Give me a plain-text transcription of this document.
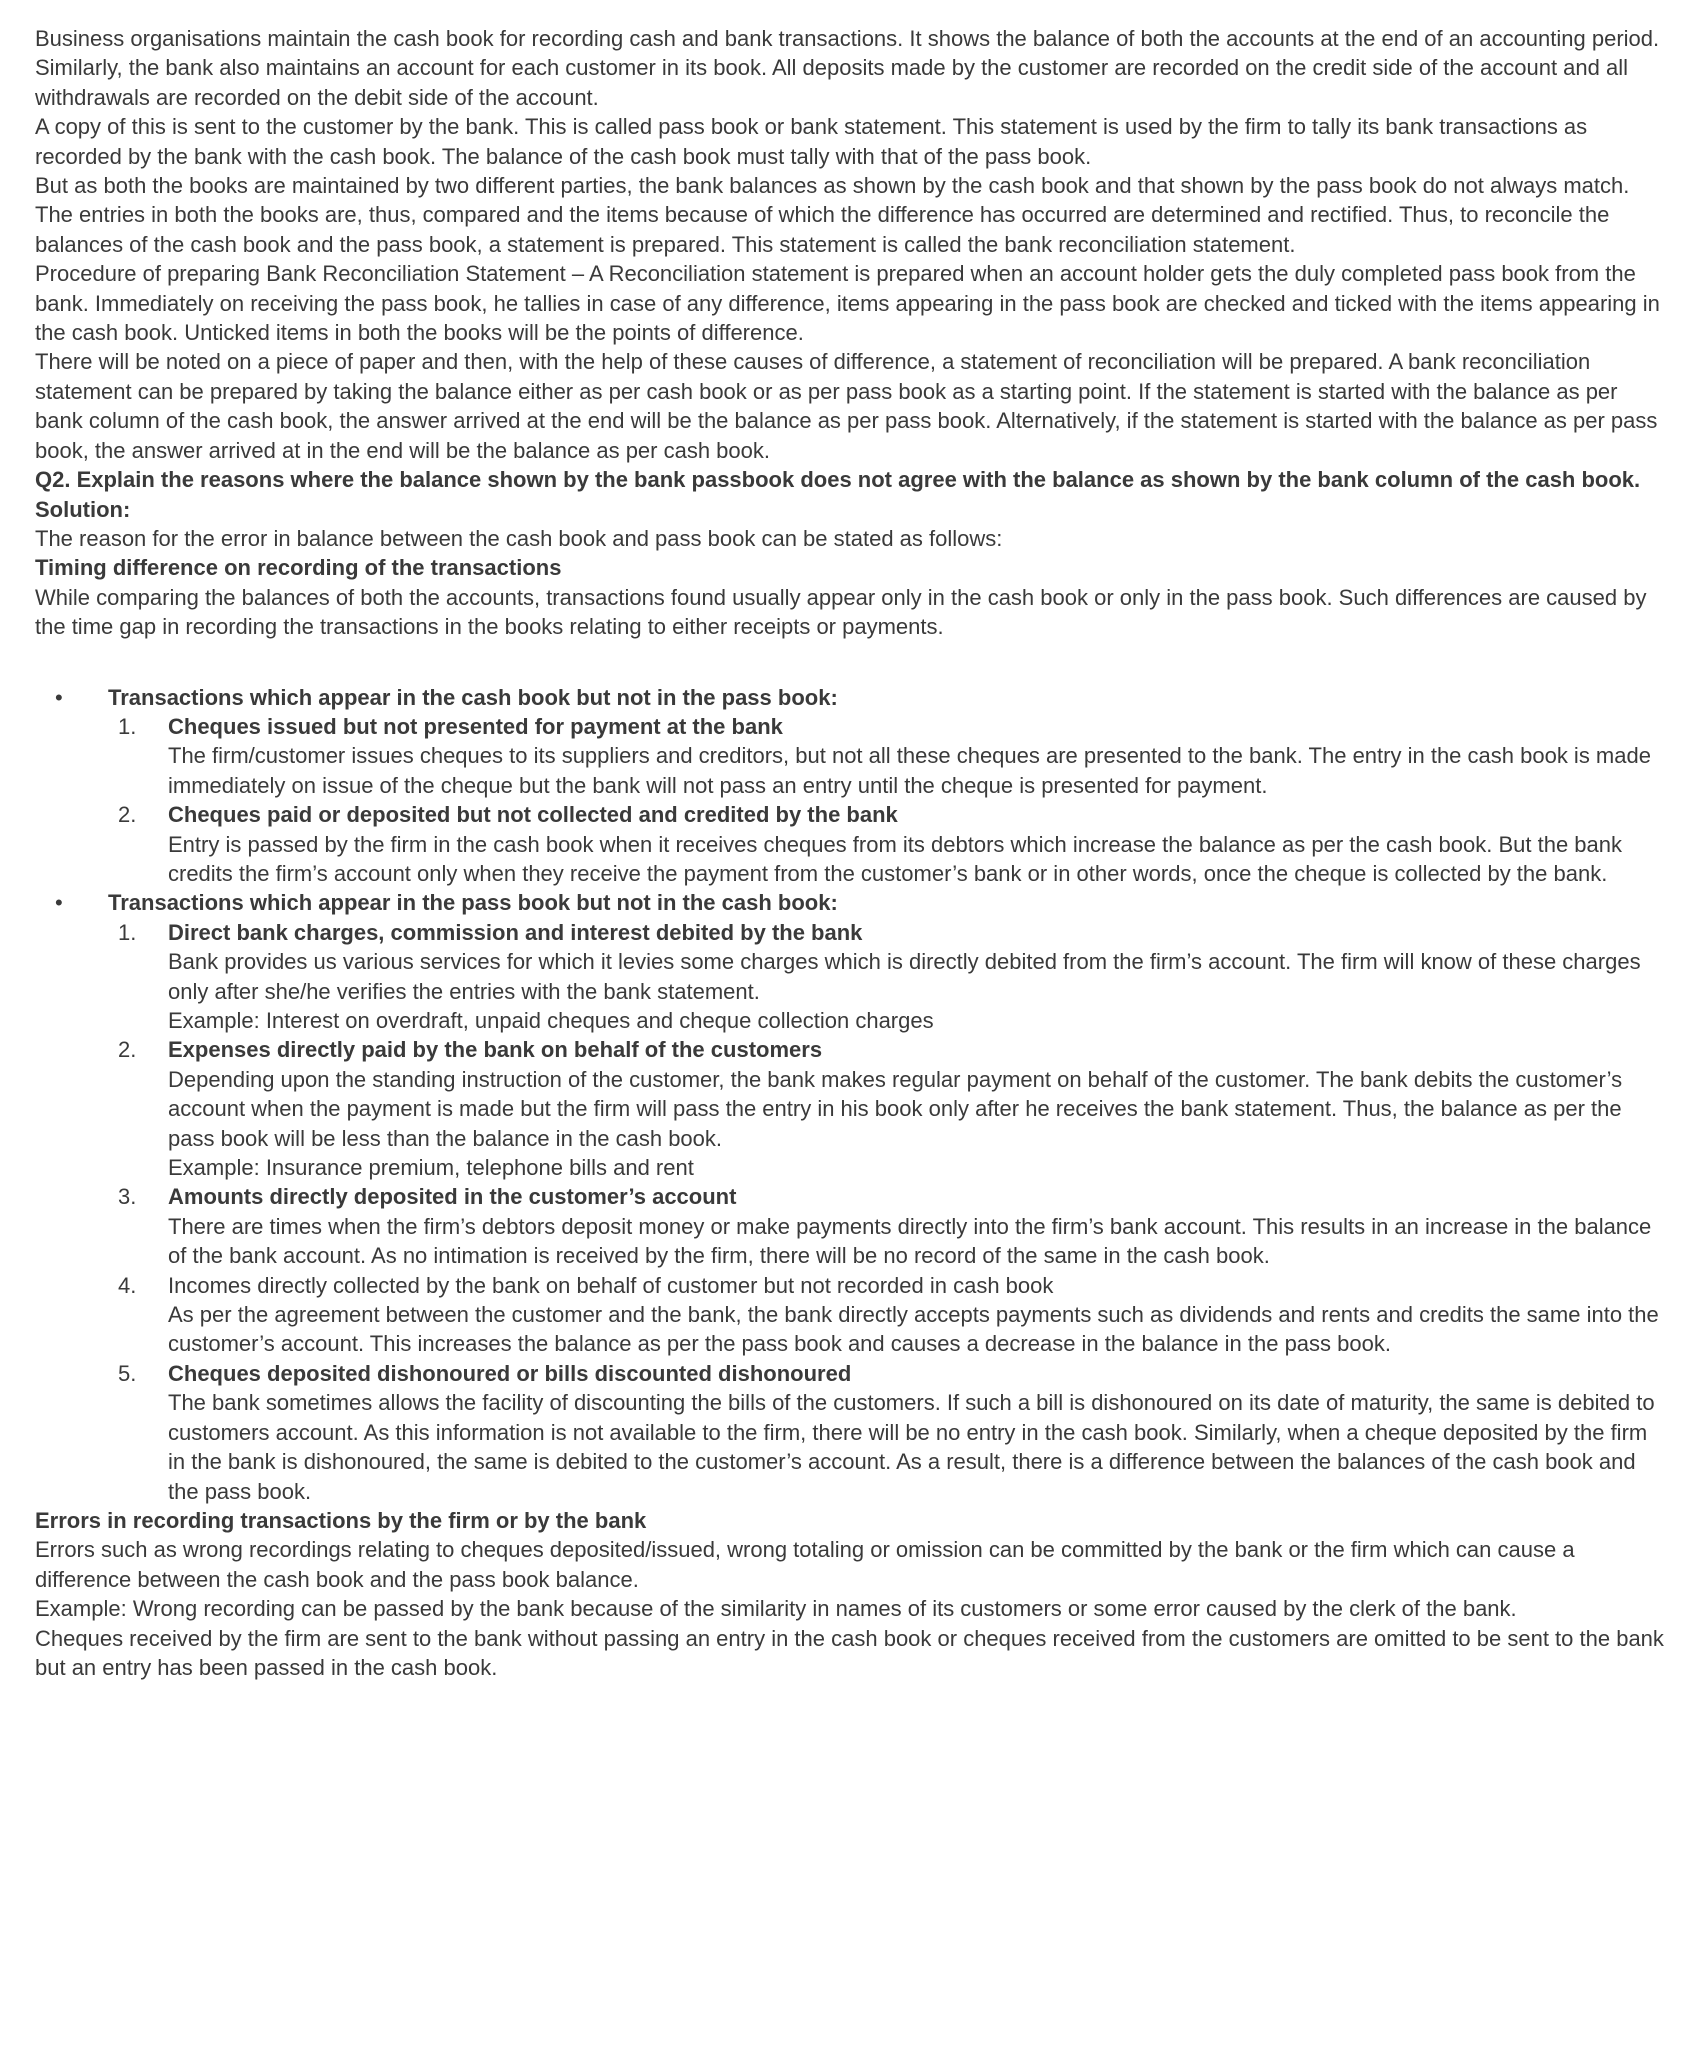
Business organisations maintain the cash book for recording cash and bank transactions. It shows the balance of both the accounts at the end of an accounting period.

Similarly, the bank also maintains an account for each customer in its book. All deposits made by the customer are recorded on the credit side of the account and all withdrawals are recorded on the debit side of the account.

A copy of this is sent to the customer by the bank. This is called pass book or bank statement. This statement is used by the firm to tally its bank transactions as recorded by the bank with the cash book. The balance of the cash book must tally with that of the pass book.

But as both the books are maintained by two different parties, the bank balances as shown by the cash book and that shown by the pass book do not always match. The entries in both the books are, thus, compared and the items because of which the difference has occurred are determined and rectified. Thus, to reconcile the balances of the cash book and the pass book, a statement is prepared. This statement is called the bank reconciliation statement.

Procedure of preparing Bank Reconciliation Statement – A Reconciliation statement is prepared when an account holder gets the duly completed pass book from the bank. Immediately on receiving the pass book, he tallies in case of any difference, items appearing in the pass book are checked and ticked with the items appearing in the cash book. Unticked items in both the books will be the points of difference.

There will be noted on a piece of paper and then, with the help of these causes of difference, a statement of reconciliation will be prepared. A bank reconciliation statement can be prepared by taking the balance either as per cash book or as per pass book as a starting point. If the statement is started with the balance as per bank column of the cash book, the answer arrived at the end will be the balance as per pass book. Alternatively, if the statement is started with the balance as per pass book, the answer arrived at in the end will be the balance as per cash book.

Q2. Explain the reasons where the balance shown by the bank passbook does not agree with the balance as shown by the bank column of the cash book.

Solution:

The reason for the error in balance between the cash book and pass book can be stated as follows:

Timing difference on recording of the transactions

While comparing the balances of both the accounts, transactions found usually appear only in the cash book or only in the pass book. Such differences are caused by the time gap in recording the transactions in the books relating to either receipts or payments.

•	Transactions which appear in the cash book but not in the pass book:
1.	Cheques issued but not presented for payment at the bank

The firm/customer issues cheques to its suppliers and creditors, but not all these cheques are presented to the bank. The entry in the cash book is made immediately on issue of the cheque but the bank will not pass an entry until the cheque is presented for payment.

2.	Cheques paid or deposited but not collected and credited by the bank

Entry is passed by the firm in the cash book when it receives cheques from its debtors which increase the balance as per the cash book. But the bank credits the firm’s account only when they receive the payment from the customer’s bank or in other words, once the cheque is collected by the bank.

•	Transactions which appear in the pass book but not in the cash book:
1.	Direct bank charges, commission and interest debited by the bank

Bank provides us various services for which it levies some charges which is directly debited from the firm’s account. The firm will know of these charges only after she/he verifies the entries with the bank statement.

Example: Interest on overdraft, unpaid cheques and cheque collection charges

2.	Expenses directly paid by the bank on behalf of the customers

Depending upon the standing instruction of the customer, the bank makes regular payment on behalf of the customer. The bank debits the customer’s account when the payment is made but the firm will pass the entry in his book only after he receives the bank statement. Thus, the balance as per the pass book will be less than the balance in the cash book.

Example: Insurance premium, telephone bills and rent

3.	Amounts directly deposited in the customer’s account

There are times when the firm’s debtors deposit money or make payments directly into the firm’s bank account. This results in an increase in the balance of the bank account. As no intimation is received by the firm, there will be no record of the same in the cash book.

4.	Incomes directly collected by the bank on behalf of customer but not recorded in cash book

As per the agreement between the customer and the bank, the bank directly accepts payments such as dividends and rents and credits the same into the customer’s account. This increases the balance as per the pass book and causes a decrease in the balance in the pass book.

5.	Cheques deposited dishonoured or bills discounted dishonoured

The bank sometimes allows the facility of discounting the bills of the customers. If such a bill is dishonoured on its date of maturity, the same is debited to customers account. As this information is not available to the firm, there will be no entry in the cash book. Similarly, when a cheque deposited by the firm in the bank is dishonoured, the same is debited to the customer’s account. As a result, there is a difference between the balances of the cash book and the pass book.

Errors in recording transactions by the firm or by the bank

Errors such as wrong recordings relating to cheques deposited/issued, wrong totaling or omission can be committed by the bank or the firm which can cause a difference between the cash book and the pass book balance.

Example: Wrong recording can be passed by the bank because of the similarity in names of its customers or some error caused by the clerk of the bank.

Cheques received by the firm are sent to the bank without passing an entry in the cash book or cheques received from the customers are omitted to be sent to the bank but an entry has been passed in the cash book.
